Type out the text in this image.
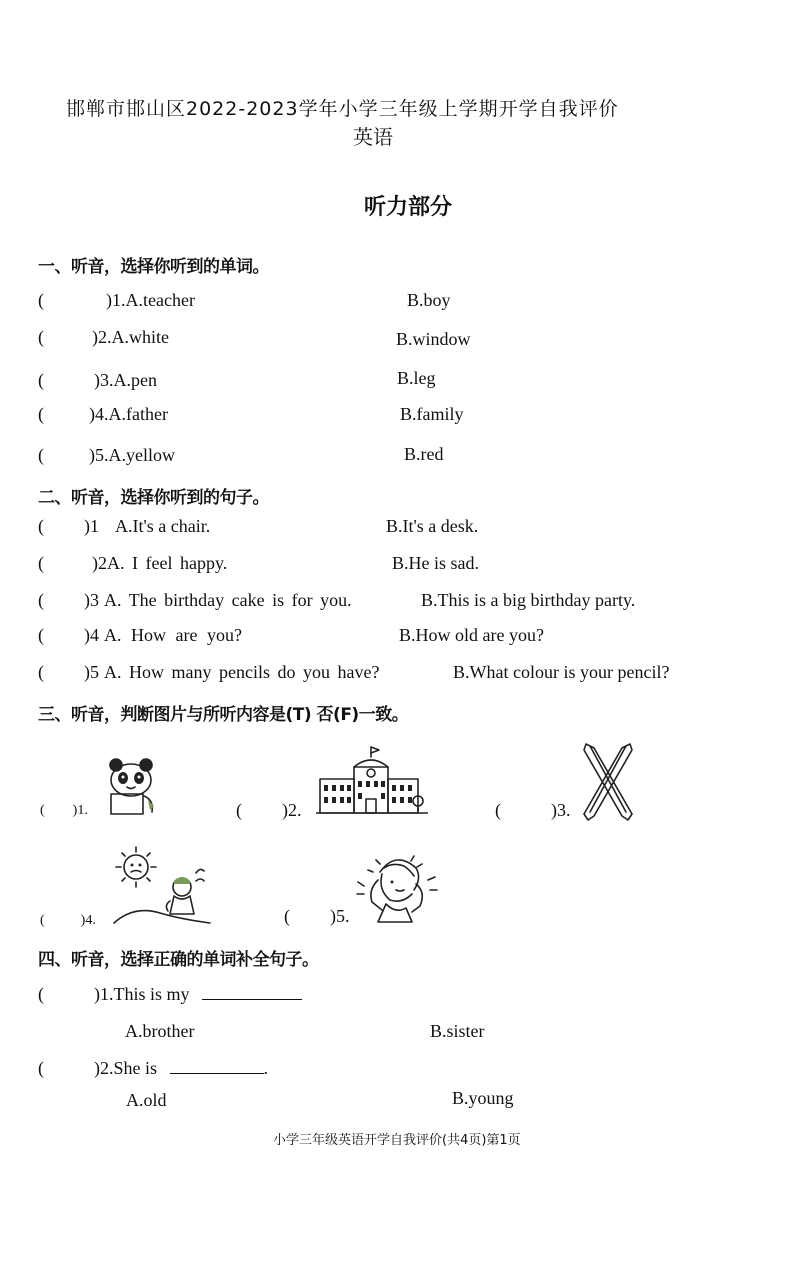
邯郸市邯山区2022-2023学年小学三年级上学期开学自我评价
英语
听力部分
一、听音，选择你听到的单词。
(	)1.A.teacher	B.boy
(	)2.A.white	B.window
(	)3.A.pen	B.leg
(	)4.A.father	B.family
(	)5.A.yellow	B.red
二、听音，选择你听到的句子。
( )1 A.It's a chair.	B.It's a desk.
(	)2A. I feel happy.	B.He is sad.
( )3 A. The birthday cake is for you.	B.This is a big birthday party.
( )4 A. How are you?	B.How old are you?
( )5 A. How many pencils do you have?	B.What colour is your pencil?
三、听音，判断图片与所听内容是(T) 否(F)一致。
( )1.	( )2.	(	)3.
(	)4.	( )5.
四、听音，选择正确的单词补全句子。
(	)1.This is my
A.brother	B.sister
(	)2.She is	.
A.old	B.young
小学三年级英语开学自我评价(共4页)第1页
